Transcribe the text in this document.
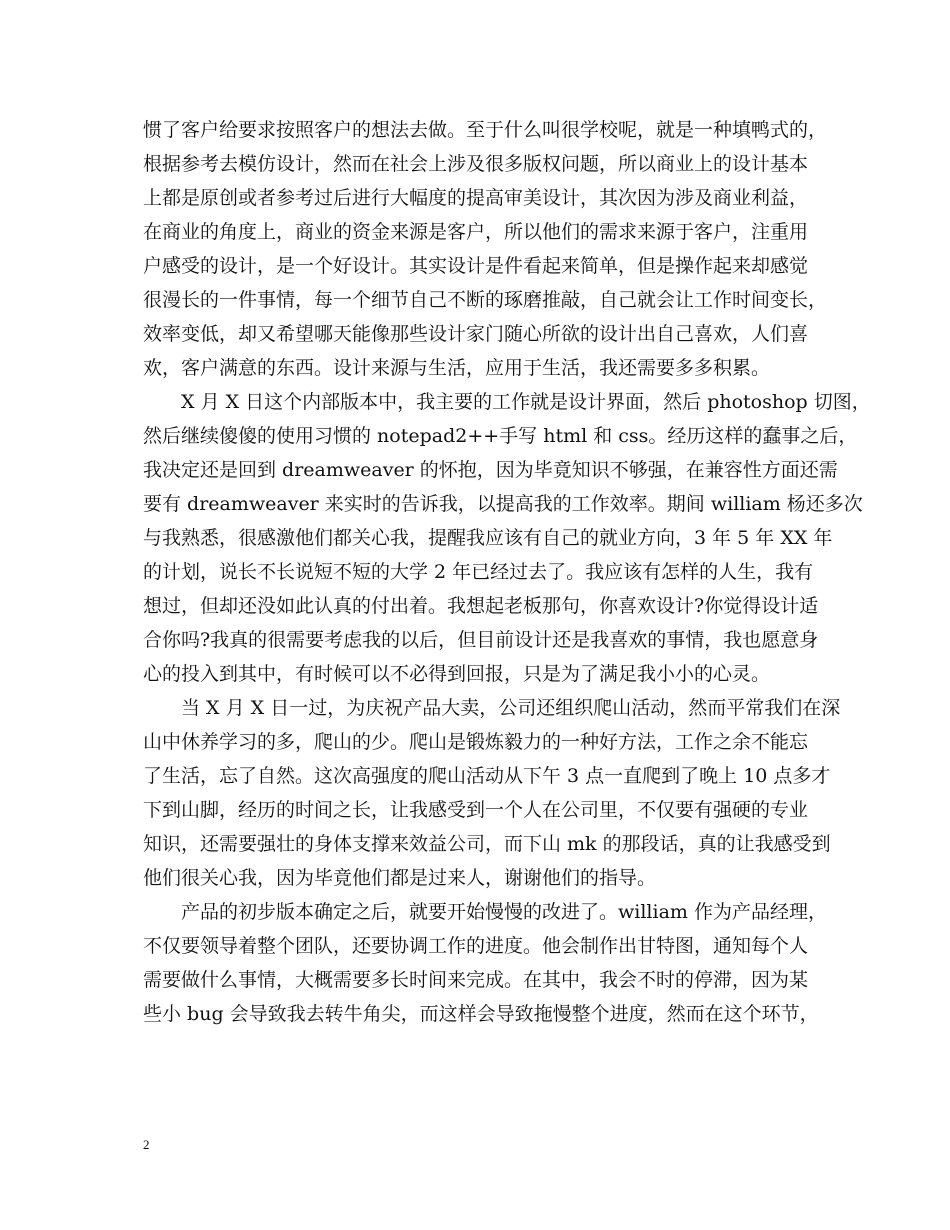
惯了客户给要求按照客户的想法去做。至于什么叫很学校呢，就是一种填鸭式的，
根据参考去模仿设计，然而在社会上涉及很多版权问题，所以商业上的设计基本
上都是原创或者参考过后进行大幅度的提高审美设计，其次因为涉及商业利益，
在商业的角度上，商业的资金来源是客户，所以他们的需求来源于客户，注重用
户感受的设计，是一个好设计。其实设计是件看起来简单，但是操作起来却感觉
很漫长的一件事情，每一个细节自己不断的琢磨推敲，自己就会让工作时间变长，
效率变低，却又希望哪天能像那些设计家门随心所欲的设计出自己喜欢，人们喜
欢，客户满意的东西。设计来源与生活，应用于生活，我还需要多多积累。
　　X 月 X 日这个内部版本中，我主要的工作就是设计界面，然后 photoshop 切图，
然后继续傻傻的使用习惯的 notepad2++手写 html 和 css。经历这样的蠢事之后，
我决定还是回到 dreamweaver 的怀抱，因为毕竟知识不够强，在兼容性方面还需
要有 dreamweaver 来实时的告诉我，以提高我的工作效率。期间 william 杨还多次
与我熟悉，很感激他们都关心我，提醒我应该有自己的就业方向，3 年 5 年 XX 年
的计划，说长不长说短不短的大学 2 年已经过去了。我应该有怎样的人生，我有
想过，但却还没如此认真的付出着。我想起老板那句，你喜欢设计?你觉得设计适
合你吗?我真的很需要考虑我的以后，但目前设计还是我喜欢的事情，我也愿意身
心的投入到其中，有时候可以不必得到回报，只是为了满足我小小的心灵。
　　当 X 月 X 日一过，为庆祝产品大卖，公司还组织爬山活动，然而平常我们在深
山中休养学习的多，爬山的少。爬山是锻炼毅力的一种好方法，工作之余不能忘
了生活，忘了自然。这次高强度的爬山活动从下午 3 点一直爬到了晚上 10 点多才
下到山脚，经历的时间之长，让我感受到一个人在公司里，不仅要有强硬的专业
知识，还需要强壮的身体支撑来效益公司，而下山 mk 的那段话，真的让我感受到
他们很关心我，因为毕竟他们都是过来人，谢谢他们的指导。
　　产品的初步版本确定之后，就要开始慢慢的改进了。william 作为产品经理，
不仅要领导着整个团队，还要协调工作的进度。他会制作出甘特图，通知每个人
需要做什么事情，大概需要多长时间来完成。在其中，我会不时的停滞，因为某
些小 bug 会导致我去转牛角尖，而这样会导致拖慢整个进度，然而在这个环节，
2
